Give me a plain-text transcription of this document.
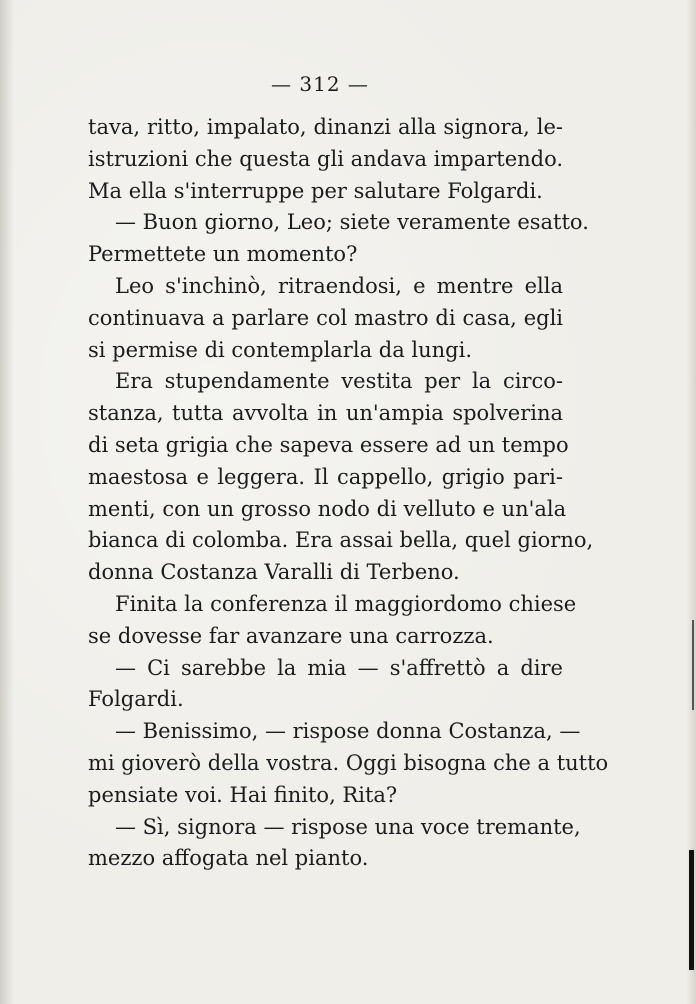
— 312 —
tava, ritto, impalato, dinanzi alla signora, le-
istruzioni che questa gli andava impartendo.
Ma ella s'interruppe per salutare Folgardi.
— Buon giorno, Leo; siete veramente esatto.
Permettete un momento?
Leo s'inchinò, ritraendosi, e mentre ella
continuava a parlare col mastro di casa, egli
si permise di contemplarla da lungi.
Era stupendamente vestita per la circo-
stanza, tutta avvolta in un'ampia spolverina
di seta grigia che sapeva essere ad un tempo
maestosa e leggera. Il cappello, grigio pari-
menti, con un grosso nodo di velluto e un'ala
bianca di colomba. Era assai bella, quel giorno,
donna Costanza Varalli di Terbeno.
Finita la conferenza il maggiordomo chiese
se dovesse far avanzare una carrozza.
— Ci sarebbe la mia — s'affrettò a dire
Folgardi.
— Benissimo, — rispose donna Costanza, —
mi gioverò della vostra. Oggi bisogna che a tutto
pensiate voi. Hai finito, Rita?
— Sì, signora — rispose una voce tremante,
mezzo affogata nel pianto.
